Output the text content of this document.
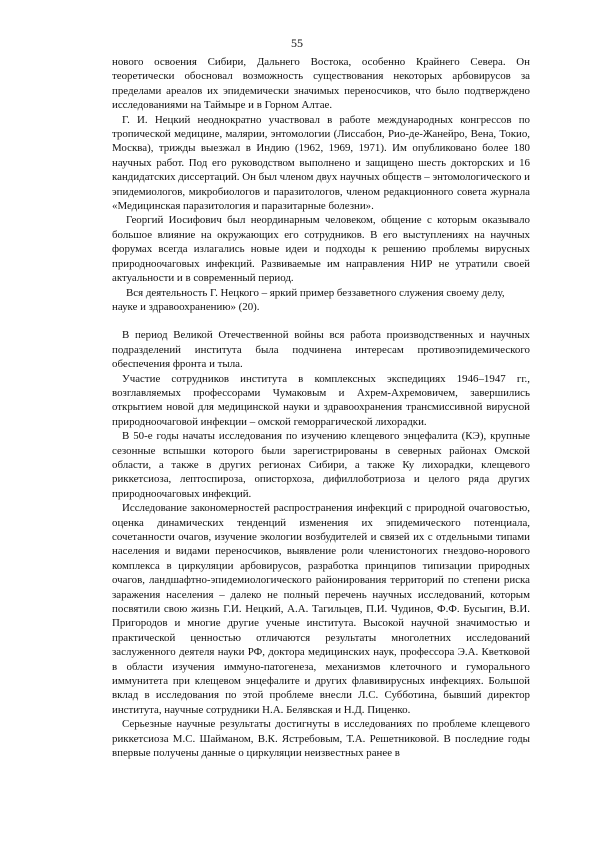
55

нового освоения Сибири, Дальнего Востока, особенно Крайнего Севера. Он теоретически обосновал возможность существования некоторых арбовирусов за пределами ареалов их эпидемически значимых переносчиков, что было подтверждено исследованиями на Таймыре и в Горном Алтае.

Г. И. Нецкий неоднократно участвовал в работе международных конгрессов по тропической медицине, малярии, энтомологии (Лиссабон, Рио-де-Жанейро, Вена, Токио, Москва), трижды выезжал в Индию (1962, 1969, 1971). Им опубликовано более 180 научных работ. Под его руководством выполнено и защищено шесть докторских и 16 кандидатских диссертаций. Он был членом двух научных обществ – энтомологического и эпидемиологов, микробиологов и паразитологов, членом редакционного совета журнала «Медицинская паразитология и паразитарные болезни».

Георгий Иосифович был неординарным человеком, общение с которым оказывало большое влияние на окружающих его сотрудников. В его выступлениях на научных форумах всегда излагались новые идеи и подходы к решению проблемы вирусных природноочаговых инфекций. Развиваемые им направления НИР не утратили своей актуальности и в современный период.

Вся деятельность Г. Нецкого – яркий пример беззаветного служения своему делу, науке и здравоохранению» (20).

В период Великой Отечественной войны вся работа производственных и научных подразделений института была подчинена интересам противоэпидемического обеспечения фронта и тыла.

Участие сотрудников института в комплексных экспедициях 1946–1947 гг., возглавляемых профессорами Чумаковым и Ахрем-Ахремовичем, завершились открытием новой для медицинской науки и здравоохранения трансмиссивной вирусной природноочаговой инфекции – омской геморрагической лихорадки.

В 50-е годы начаты исследования по изучению клещевого энцефалита (КЭ), крупные сезонные вспышки которого были зарегистрированы в северных районах Омской области, а также в других регионах Сибири, а также Ку лихорадки, клещевого риккетсиоза, лептоспироза, описторхоза, дифиллоботриоза и целого ряда других природноочаговых инфекций.

Исследование закономерностей распространения инфекций с природной очаговостью, оценка динамических тенденций изменения их эпидемического потенциала, сочетанности очагов, изучение экологии возбудителей и связей их с отдельными типами населения и видами переносчиков, выявление роли членистоногих гнездово-норового комплекса в циркуляции арбовирусов, разработка принципов типизации природных очагов, ландшафтно-эпидемиологического районирования территорий по степени риска заражения населения – далеко не полный перечень научных исследований, которым посвятили свою жизнь Г.И. Нецкий, А.А. Тагильцев, П.И. Чудинов, Ф.Ф. Бусыгин, В.И. Пригородов и многие другие ученые института. Высокой научной значимостью и практической ценностью отличаются результаты многолетних исследований заслуженного деятеля науки РФ, доктора медицинских наук, профессора Э.А. Кветковой в области изучения иммуно-патогенеза, механизмов клеточного и гуморального иммунитета при клещевом энцефалите и других флавивирусных инфекциях. Большой вклад в исследования по этой проблеме внесли Л.С. Субботина, бывший директор института, научные сотрудники Н.А. Белявская и Н.Д. Пиценко.

Серьезные научные результаты достигнуты в исследованиях по проблеме клещевого риккетсиоза М.С. Шайманом, В.К. Ястребовым, Т.А. Решетниковой. В последние годы впервые получены данные о циркуляции неизвестных ранее в
